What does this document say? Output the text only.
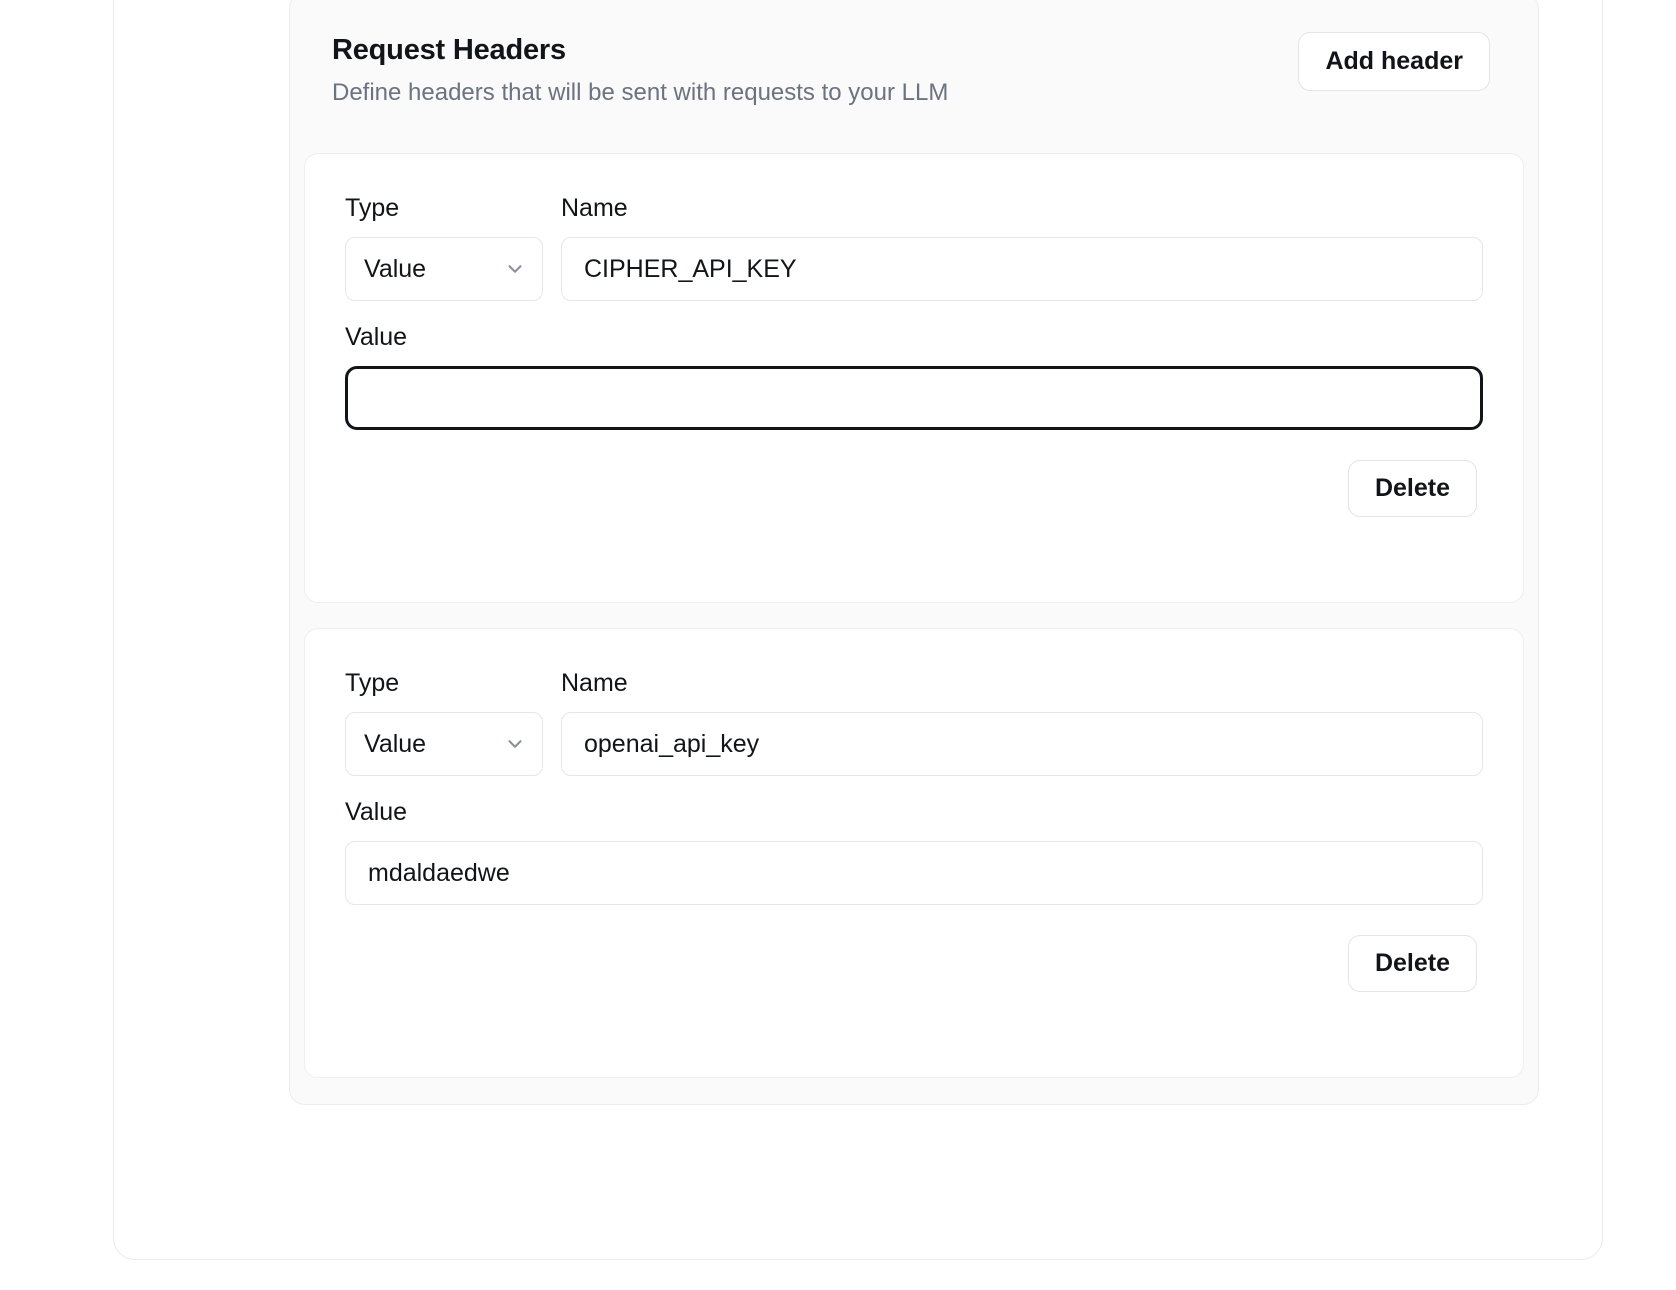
Request Headers
Define headers that will be sent with requests to your LLM
Add header
Type
Value
Name
CIPHER_API_KEY
Value
Delete
Type
Value
Name
openai_api_key
Value
mdaldaedwe
Delete
